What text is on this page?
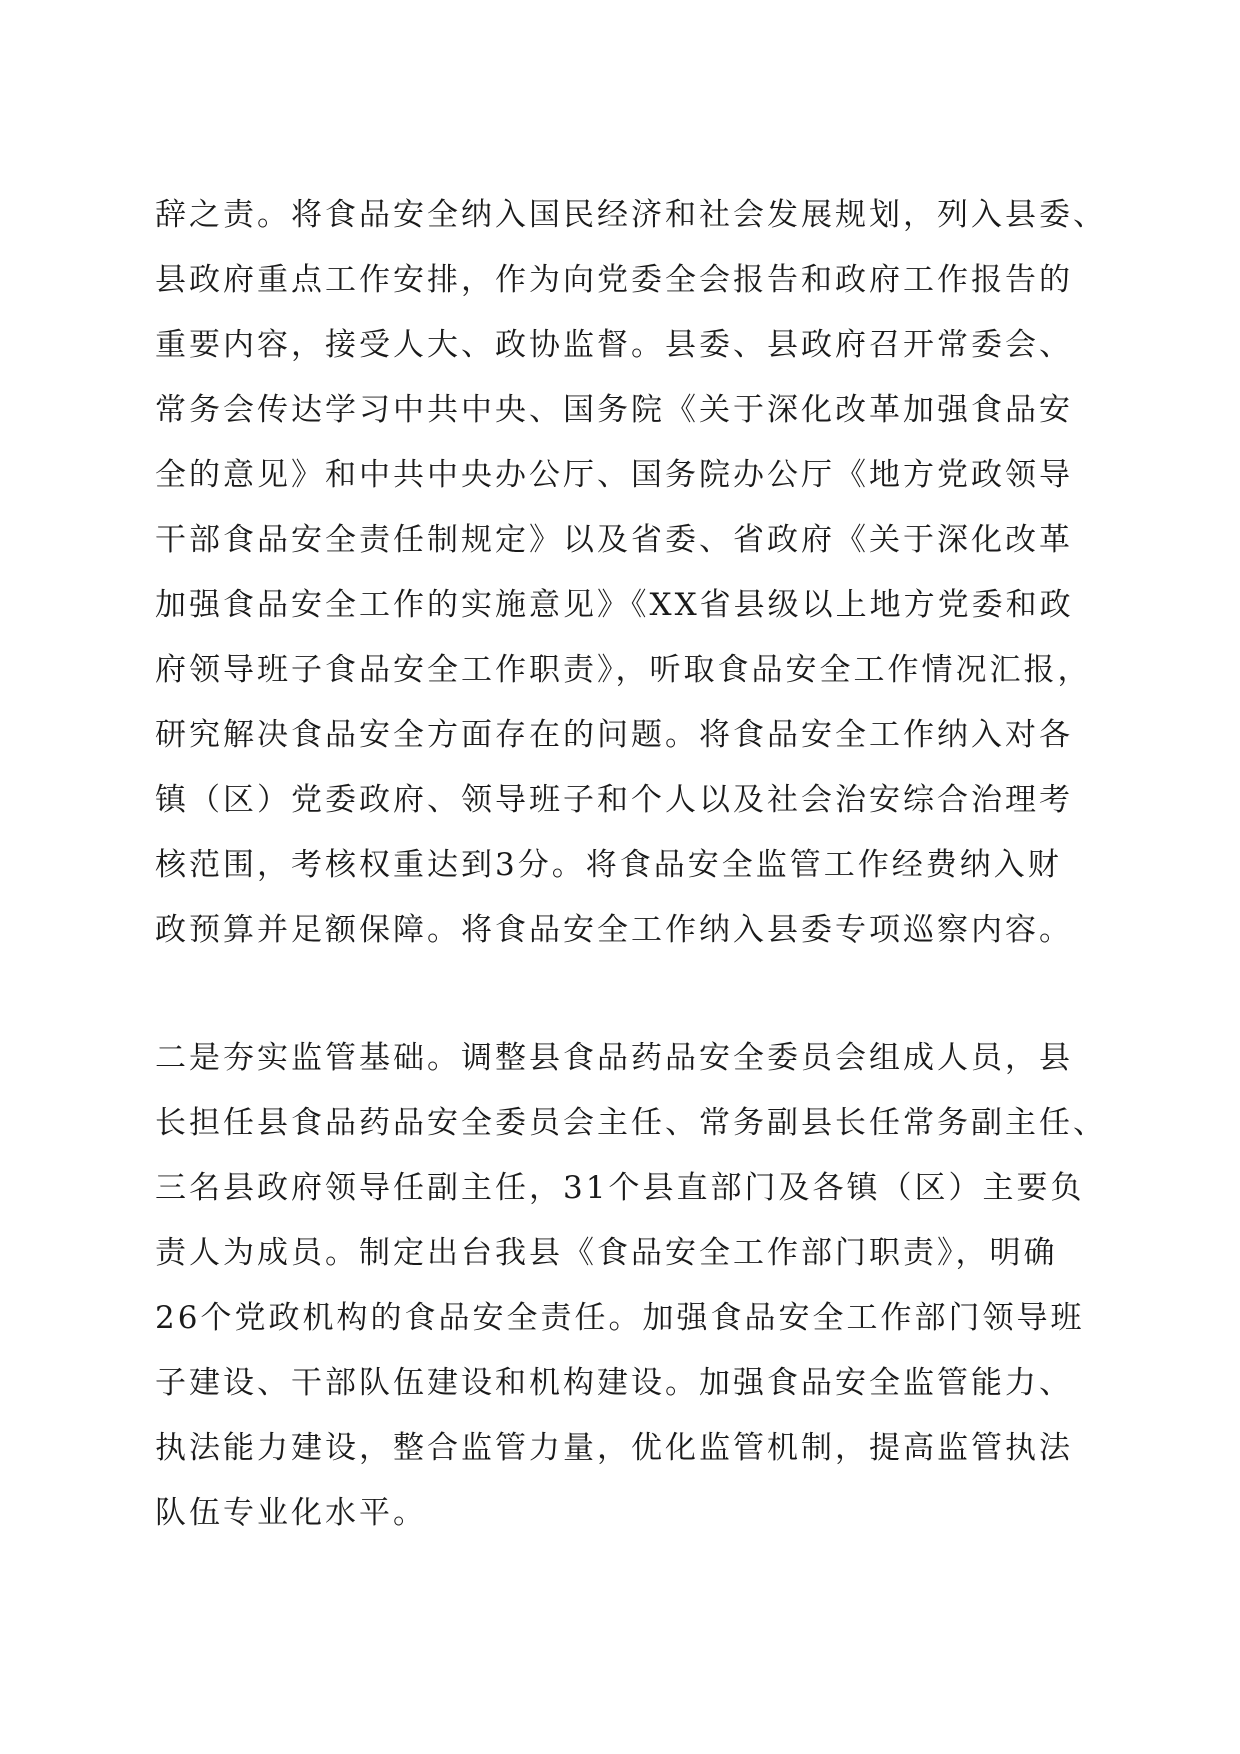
辞之责。将食品安全纳入国民经济和社会发展规划，列入县委、
县政府重点工作安排，作为向党委全会报告和政府工作报告的
重要内容，接受人大、政协监督。县委、县政府召开常委会、
常务会传达学习中共中央、国务院《关于深化改革加强食品安
全的意见》和中共中央办公厅、国务院办公厅《地方党政领导
干部食品安全责任制规定》以及省委、省政府《关于深化改革
加强食品安全工作的实施意见》《XX省县级以上地方党委和政
府领导班子食品安全工作职责》，听取食品安全工作情况汇报，
研究解决食品安全方面存在的问题。将食品安全工作纳入对各
镇（区）党委政府、领导班子和个人以及社会治安综合治理考
核范围，考核权重达到3分。将食品安全监管工作经费纳入财
政预算并足额保障。将食品安全工作纳入县委专项巡察内容。
二是夯实监管基础。调整县食品药品安全委员会组成人员，县
长担任县食品药品安全委员会主任、常务副县长任常务副主任、
三名县政府领导任副主任，31个县直部门及各镇（区）主要负
责人为成员。制定出台我县《食品安全工作部门职责》，明确
26个党政机构的食品安全责任。加强食品安全工作部门领导班
子建设、干部队伍建设和机构建设。加强食品安全监管能力、
执法能力建设，整合监管力量，优化监管机制，提高监管执法
队伍专业化水平。
